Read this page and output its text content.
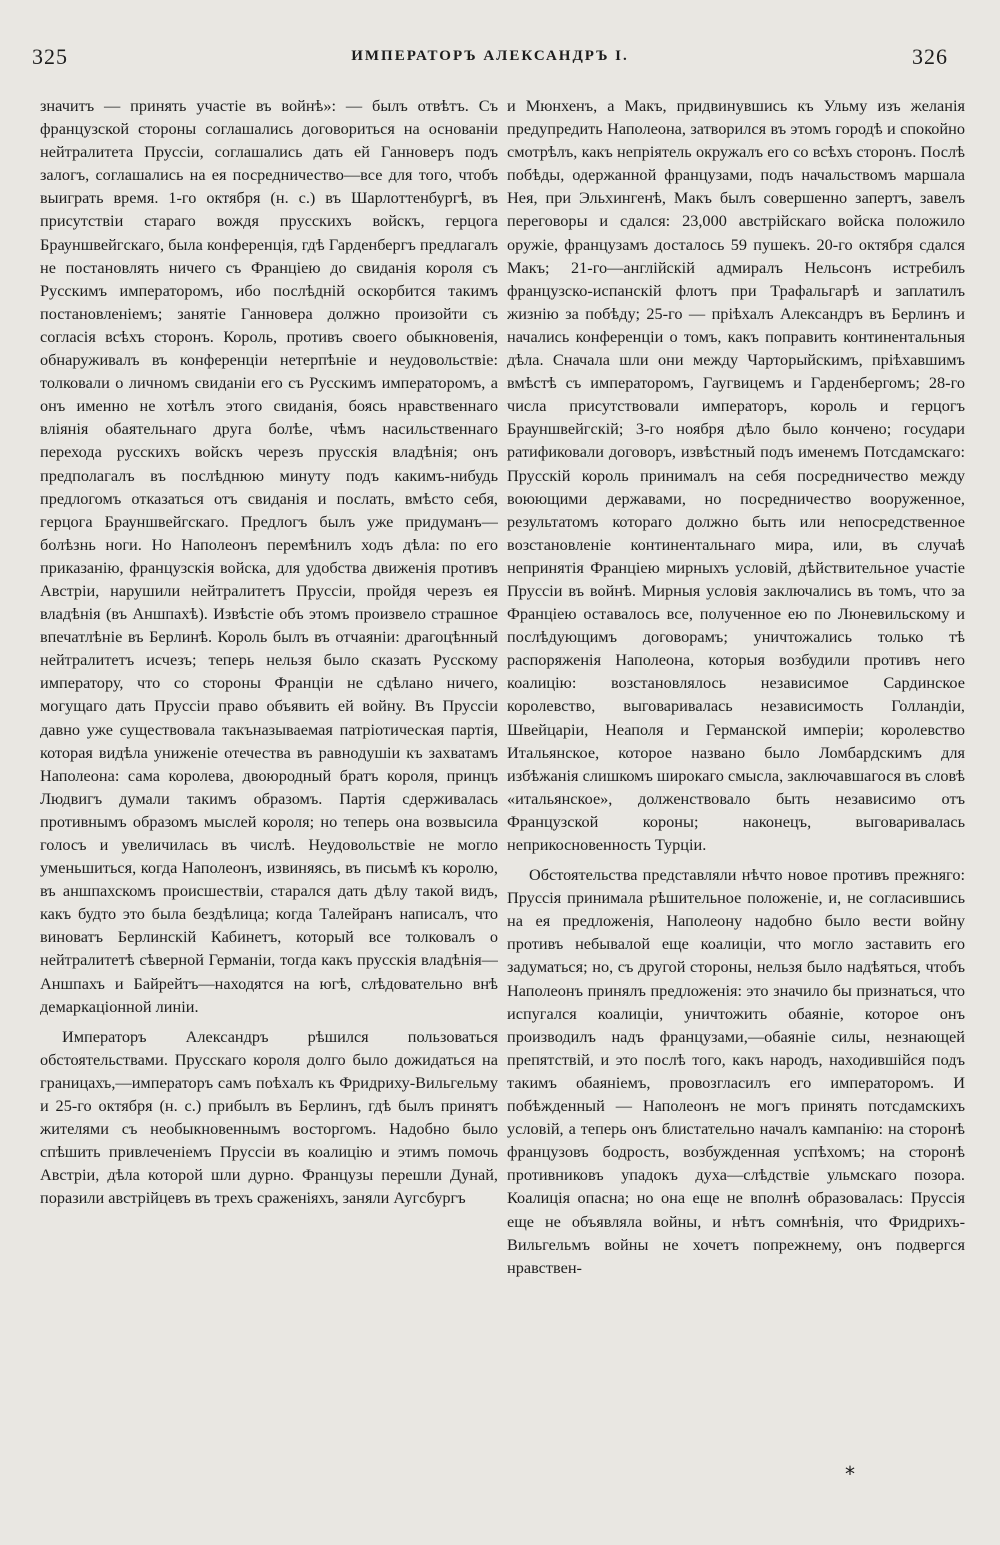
325	ИМПЕРАТОРЪ АЛЕКСАНДРЪ I.	326

значитъ — принять участіе въ войнѣ»: — былъ отвѣтъ. Съ французской стороны соглашались договориться на основаніи нейтралитета Пруссіи, соглашались дать ей Ганноверъ подъ залогъ, соглашались на ея посредничество—все для того, чтобъ выиграть время. 1-го октября (н. с.) въ Шарлоттенбургѣ, въ присутствіи стараго вождя прусскихъ войскъ, герцога Брауншвейгскаго, была конференція, гдѣ Гарденбергъ предлагалъ не постановлять ничего съ Франціею до свиданія короля съ Русскимъ императоромъ, ибо послѣдній оскорбится такимъ постановленіемъ; занятіе Ганновера должно произойти съ согласія всѣхъ сторонъ. Король, противъ своего обыкновенія, обнаруживалъ въ конференціи нетерпѣніе и неудовольствіе: толковали о личномъ свиданіи его съ Русскимъ императоромъ, а онъ именно не хотѣлъ этого свиданія, боясь нравственнаго вліянія обаятельнаго друга болѣе, чѣмъ насильственнаго перехода русскихъ войскъ черезъ прусскія владѣнія; онъ предполагалъ въ послѣднюю минуту подъ какимъ-нибудь предлогомъ отказаться отъ свиданія и послать, вмѣсто себя, герцога Брауншвейгскаго. Предлогъ былъ уже придуманъ—болѣзнь ноги. Но Наполеонъ перемѣнилъ ходъ дѣла: по его приказанію, французскія войска, для удобства движенія противъ Австріи, нарушили нейтралитетъ Пруссіи, пройдя черезъ ея владѣнія (въ Аншпахѣ). Извѣстіе объ этомъ произвело страшное впечатлѣніе въ Берлинѣ. Король былъ въ отчаяніи: драгоцѣнный нейтралитетъ исчезъ; теперь нельзя было сказать Русскому императору, что со стороны Франціи не сдѣлано ничего, могущаго дать Пруссіи право объявить ей войну. Въ Пруссіи давно уже существовала такъназываемая патріотическая партія, которая видѣла униженіе отечества въ равнодушіи къ захватамъ Наполеона: сама королева, двоюродный братъ короля, принцъ Людвигъ думали такимъ образомъ. Партія сдерживалась противнымъ образомъ мыслей короля; но теперь она возвысила голосъ и увеличилась въ числѣ. Неудовольствіе не могло уменьшиться, когда Наполеонъ, извиняясь, въ письмѣ къ королю, въ аншпахскомъ происшествіи, старался дать дѣлу такой видъ, какъ будто это была бездѣлица; когда Талейранъ написалъ, что виноватъ Берлинскій Кабинетъ, который все толковалъ о нейтралитетѣ сѣверной Германіи, тогда какъ прусскія владѣнія—Аншпахъ и Байрейтъ—находятся на югѣ, слѣдовательно внѣ демаркаціонной линіи.

Императоръ Александръ рѣшился пользоваться обстоятельствами. Прусскаго короля долго было дожидаться на границахъ,—императоръ самъ поѣхалъ къ Фридриху-Вильгельму и 25-го октября (н. с.) прибылъ въ Берлинъ, гдѣ былъ принятъ жителями съ необыкновеннымъ восторгомъ. Надобно было спѣшить привлеченіемъ Пруссіи въ коалицію и этимъ помочь Австріи, дѣла которой шли дурно. Французы перешли Дунай, поразили австрійцевъ въ трехъ сраженіяхъ, заняли Аугсбургъ

и Мюнхенъ, а Макъ, придвинувшись къ Ульму изъ желанія предупредить Наполеона, затворился въ этомъ городѣ и спокойно смотрѣлъ, какъ непріятель окружалъ его со всѣхъ сторонъ. Послѣ побѣды, одержанной французами, подъ начальствомъ маршала Нея, при Эльхингенѣ, Макъ былъ совершенно запертъ, завелъ переговоры и сдался: 23,000 австрійскаго войска положило оружіе, французамъ досталось 59 пушекъ. 20-го октября сдался Макъ; 21-го—англійскій адмиралъ Нельсонъ истребилъ французско-испанскій флотъ при Трафальгарѣ и заплатилъ жизнію за побѣду; 25-го — пріѣхалъ Александръ въ Берлинъ и начались конференціи о томъ, какъ поправить континентальныя дѣла. Сначала шли они между Чарторыйскимъ, пріѣхавшимъ вмѣстѣ съ императоромъ, Гаугвицемъ и Гарденбергомъ; 28-го числа присутствовали императоръ, король и герцогъ Брауншвейгскій; 3-го ноября дѣло было кончено; государи ратификовали договоръ, извѣстный подъ именемъ Потсдамскаго: Прусскій король принималъ на себя посредничество между воюющими державами, но посредничество вооруженное, результатомъ котораго должно быть или непосредственное возстановленіе континентальнаго мира, или, въ случаѣ непринятія Франціею мирныхъ условій, дѣйствительное участіе Пруссіи въ войнѣ. Мирныя условія заключались въ томъ, что за Франціею оставалось все, полученное ею по Люневильскому и послѣдующимъ договорамъ; уничтожались только тѣ распоряженія Наполеона, которыя возбудили противъ него коалицію: возстановлялось независимое Сардинское королевство, выговаривалась независимость Голландіи, Швейцаріи, Неаполя и Германской имперіи; королевство Итальянское, которое названо было Ломбардскимъ для избѣжанія слишкомъ широкаго смысла, заключавшагося въ словѣ «итальянское», долженствовало быть независимо отъ Французской короны; наконецъ, выговаривалась неприкосновенность Турціи.

Обстоятельства представляли нѣчто новое противъ прежняго: Пруссія принимала рѣшительное положеніе, и, не согласившись на ея предложенія, Наполеону надобно было вести войну противъ небывалой еще коалиціи, что могло заставить его задуматься; но, съ другой стороны, нельзя было надѣяться, чтобъ Наполеонъ принялъ предложенія: это значило бы признаться, что испугался коалиціи, уничтожить обаяніе, которое онъ производилъ надъ французами,—обаяніе силы, незнающей препятствій, и это послѣ того, какъ народъ, находившійся подъ такимъ обаяніемъ, провозгласилъ его императоромъ. И побѣжденный — Наполеонъ не могъ принять потсдамскихъ условій, а теперь онъ блистательно началъ кампанію: на сторонѣ французовъ бодрость, возбужденная успѣхомъ; на сторонѣ противниковъ упадокъ духа—слѣдствіе ульмскаго позора. Коалиція опасна; но она еще не вполнѣ образовалась: Пруссія еще не объявляла войны, и нѣтъ сомнѣнія, что Фридрихъ-Вильгельмъ войны не хочетъ попрежнему, онъ подвергся нравствен-

*
